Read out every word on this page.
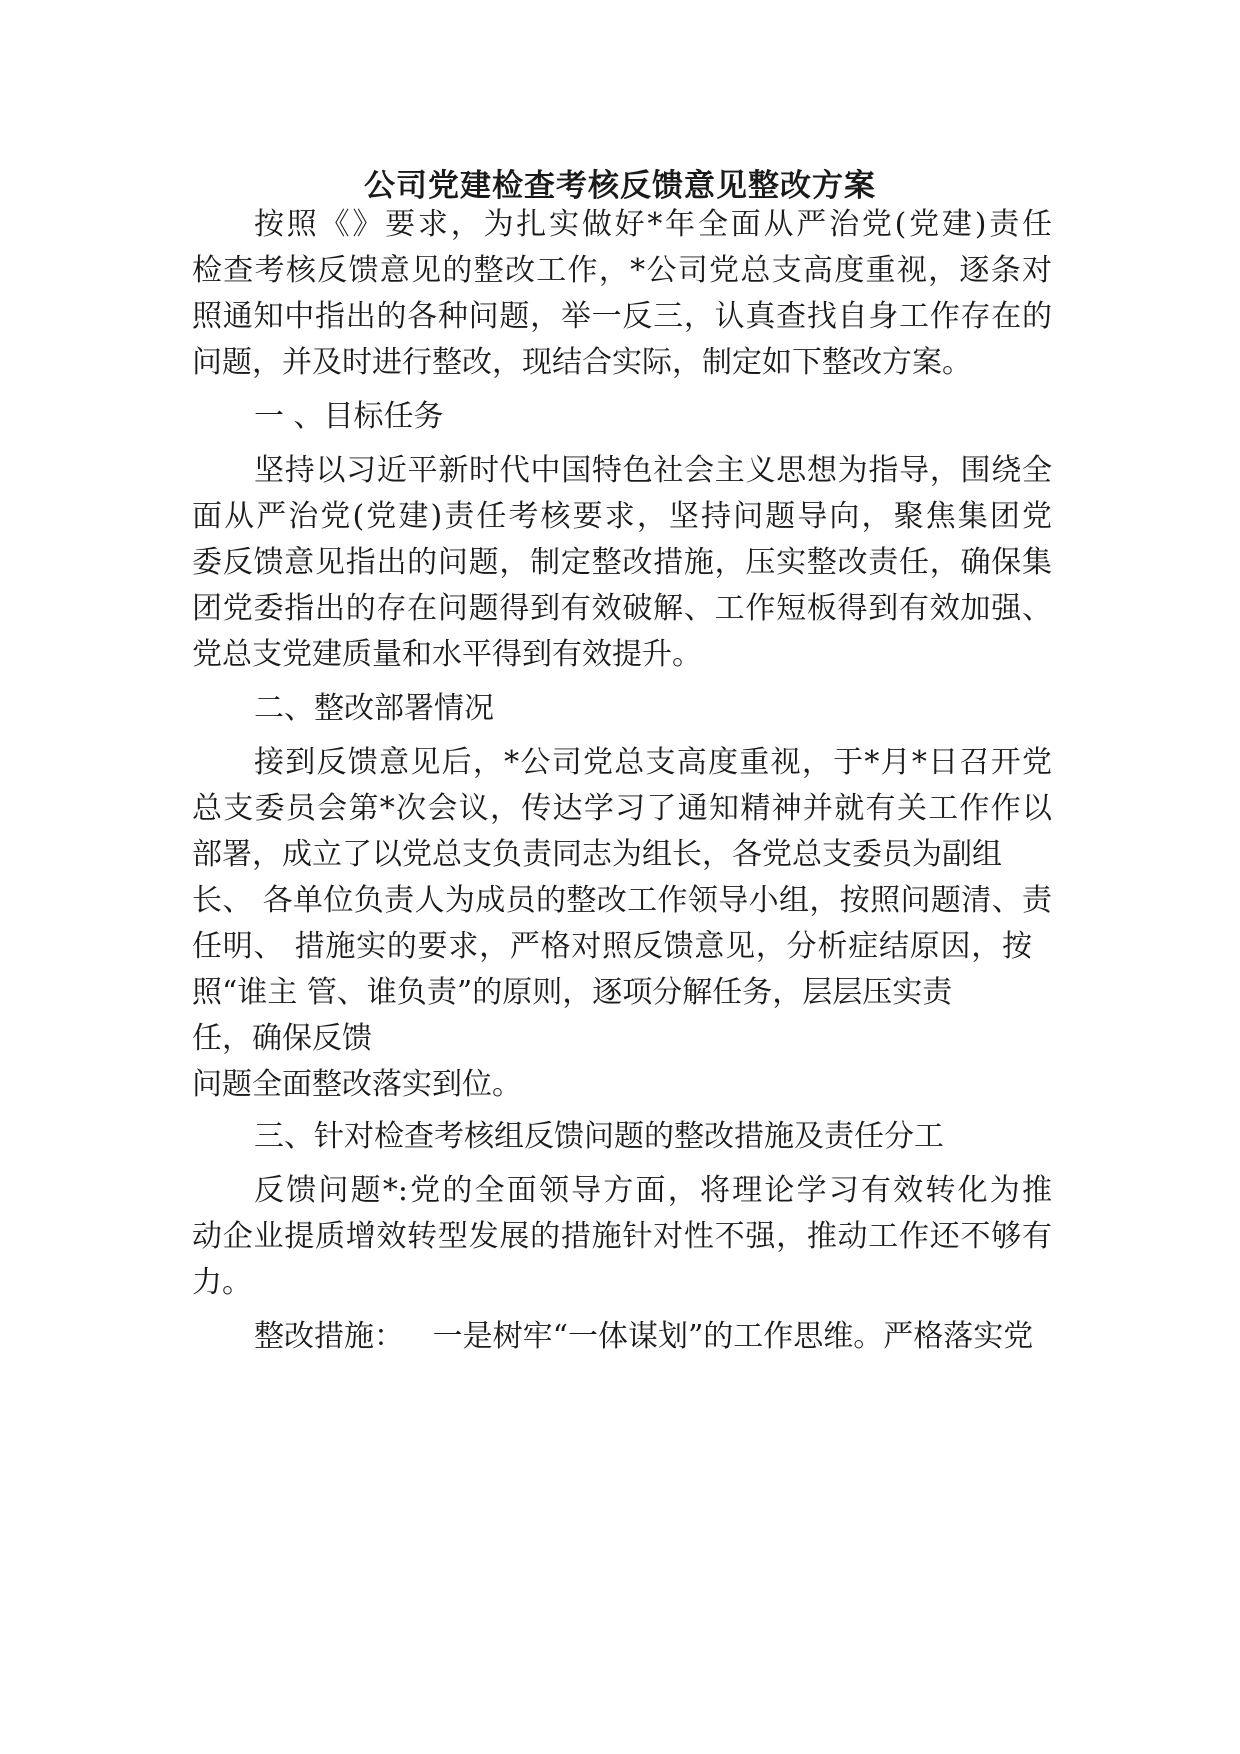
公司党建检查考核反馈意见整改方案

按照《》要求，为扎实做好*年全面从严治党(党建)责任

检查考核反馈意见的整改工作，*公司党总支高度重视，逐条对

照通知中指出的各种问题，举一反三，认真查找自身工作存在的

问题，并及时进行整改，现结合实际，制定如下整改方案。

一 、目标任务

坚持以习近平新时代中国特色社会主义思想为指导，围绕全

面从严治党(党建)责任考核要求，坚持问题导向，聚焦集团党

委反馈意见指出的问题，制定整改措施，压实整改责任，确保集

团党委指出的存在问题得到有效破解、工作短板得到有效加强、

党总支党建质量和水平得到有效提升。

二、整改部署情况

接到反馈意见后，*公司党总支高度重视，于*月*日召开党

总支委员会第*次会议，传达学习了通知精神并就有关工作作以

部署，成立了以党总支负责同志为组长，各党总支委员为副组

长、 各单位负责人为成员的整改工作领导小组，按照问题清、责

任明、 措施实的要求，严格对照反馈意见，分析症结原因，按

照“谁主 管、谁负责”的原则，逐项分解任务，层层压实责

任，确保反馈

问题全面整改落实到位。

三、针对检查考核组反馈问题的整改措施及责任分工

反馈问题*:党的全面领导方面，将理论学习有效转化为推

动企业提质增效转型发展的措施针对性不强，推动工作还不够有

力。

整改措施：   一是树牢“一体谋划”的工作思维。严格落实党
